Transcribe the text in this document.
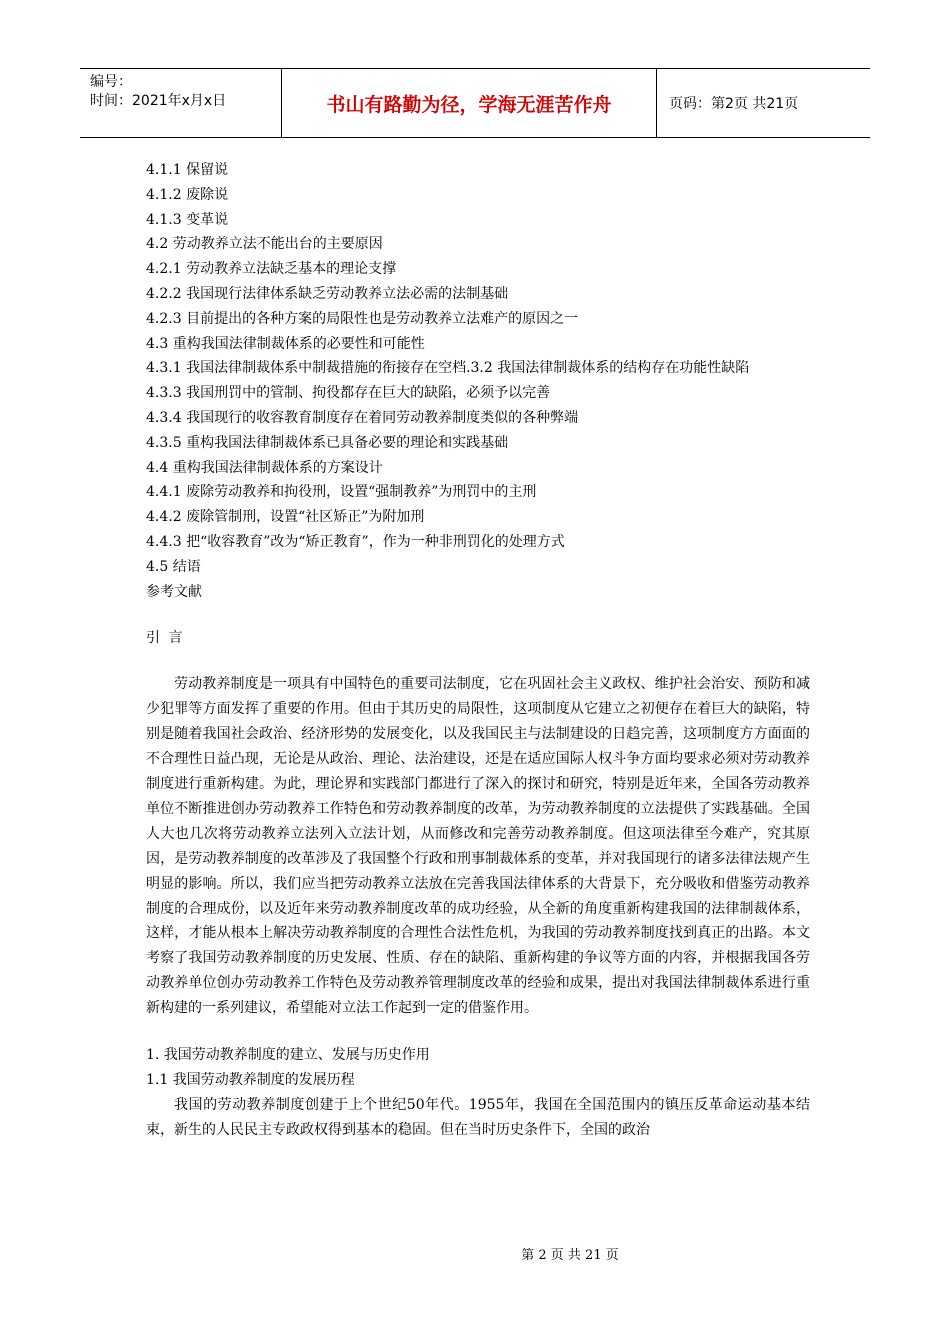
编号：
时间：2021年x月x日	书山有路勤为径，学海无涯苦作舟	页码：第2页 共21页
4.1.1 保留说
4.1.2 废除说
4.1.3 变革说
4.2 劳动教养立法不能出台的主要原因
4.2.1 劳动教养立法缺乏基本的理论支撑
4.2.2 我国现行法律体系缺乏劳动教养立法必需的法制基础
4.2.3 目前提出的各种方案的局限性也是劳动教养立法难产的原因之一
4.3 重构我国法律制裁体系的必要性和可能性
4.3.1 我国法律制裁体系中制裁措施的衔接存在空档.3.2 我国法律制裁体系的结构存在功能性缺陷
4.3.3 我国刑罚中的管制、拘役都存在巨大的缺陷，必须予以完善
4.3.4 我国现行的收容教育制度存在着同劳动教养制度类似的各种弊端
4.3.5 重构我国法律制裁体系已具备必要的理论和实践基础
4.4 重构我国法律制裁体系的方案设计
4.4.1 废除劳动教养和拘役刑，设置“强制教养”为刑罚中的主刑
4.4.2 废除管制刑，设置“社区矫正”为附加刑
4.4.3 把“收容教育”改为“矫正教育”，作为一种非刑罚化的处理方式
4.5 结语
参考文献
引 言
劳动教养制度是一项具有中国特色的重要司法制度，它在巩固社会主义政权、维护社会治安、预防和减少犯罪等方面发挥了重要的作用。但由于其历史的局限性，这项制度从它建立之初便存在着巨大的缺陷，特别是随着我国社会政治、经济形势的发展变化，以及我国民主与法制建设的日趋完善，这项制度方方面面的不合理性日益凸现，无论是从政治、理论、法治建设，还是在适应国际人权斗争方面均要求必须对劳动教养制度进行重新构建。为此，理论界和实践部门都进行了深入的探讨和研究，特别是近年来，全国各劳动教养单位不断推进创办劳动教养工作特色和劳动教养制度的改革，为劳动教养制度的立法提供了实践基础。全国人大也几次将劳动教养立法列入立法计划，从而修改和完善劳动教养制度。但这项法律至今难产，究其原因，是劳动教养制度的改革涉及了我国整个行政和刑事制裁体系的变革，并对我国现行的诸多法律法规产生明显的影响。所以，我们应当把劳动教养立法放在完善我国法律体系的大背景下，充分吸收和借鉴劳动教养制度的合理成份，以及近年来劳动教养制度改革的成功经验，从全新的角度重新构建我国的法律制裁体系，这样，才能从根本上解决劳动教养制度的合理性合法性危机，为我国的劳动教养制度找到真正的出路。本文考察了我国劳动教养制度的历史发展、性质、存在的缺陷、重新构建的争议等方面的内容，并根据我国各劳动教养单位创办劳动教养工作特色及劳动教养管理制度改革的经验和成果，提出对我国法律制裁体系进行重新构建的一系列建议，希望能对立法工作起到一定的借鉴作用。
1. 我国劳动教养制度的建立、发展与历史作用
1.1 我国劳动教养制度的发展历程
我国的劳动教养制度创建于上个世纪50年代。1955年，我国在全国范围内的镇压反革命运动基本结束，新生的人民民主专政政权得到基本的稳固。但在当时历史条件下，全国的政治
第 2 页 共 21 页
